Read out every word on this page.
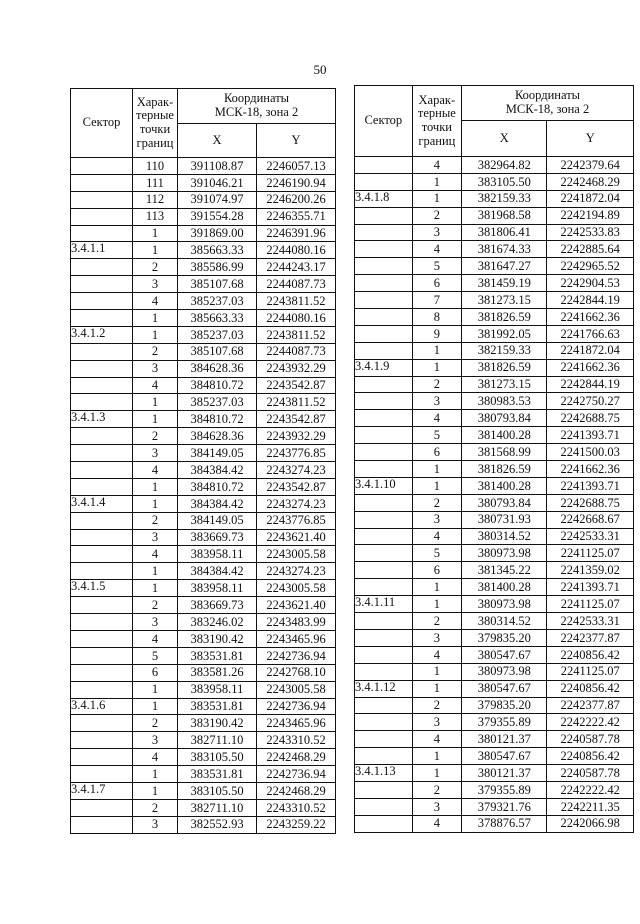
50
Сектор	Харак-
терные
точки
границ	Координаты
МСК-18, зона 2	
		X	Y
	110	391108.87	2246057.13
	111	391046.21	2246190.94
	112	391074.97	2246200.26
	113	391554.28	2246355.71
	1	391869.00	2246391.96
3.4.1.1	1	385663.33	2244080.16
	2	385586.99	2244243.17
	3	385107.68	2244087.73
	4	385237.03	2243811.52
	1	385663.33	2244080.16
3.4.1.2	1	385237.03	2243811.52
	2	385107.68	2244087.73
	3	384628.36	2243932.29
	4	384810.72	2243542.87
	1	385237.03	2243811.52
3.4.1.3	1	384810.72	2243542.87
	2	384628.36	2243932.29
	3	384149.05	2243776.85
	4	384384.42	2243274.23
	1	384810.72	2243542.87
3.4.1.4	1	384384.42	2243274.23
	2	384149.05	2243776.85
	3	383669.73	2243621.40
	4	383958.11	2243005.58
	1	384384.42	2243274.23
3.4.1.5	1	383958.11	2243005.58
	2	383669.73	2243621.40
	3	383246.02	2243483.99
	4	383190.42	2243465.96
	5	383531.81	2242736.94
	6	383581.26	2242768.10
	1	383958.11	2243005.58
3.4.1.6	1	383531.81	2242736.94
	2	383190.42	2243465.96
	3	382711.10	2243310.52
	4	383105.50	2242468.29
	1	383531.81	2242736.94
3.4.1.7	1	383105.50	2242468.29
	2	382711.10	2243310.52
	3	382552.93	2243259.22
Сектор	Харак-
терные
точки
границ	Координаты
МСК-18, зона 2	
		X	Y
	4	382964.82	2242379.64
	1	383105.50	2242468.29
3.4.1.8	1	382159.33	2241872.04
	2	381968.58	2242194.89
	3	381806.41	2242533.83
	4	381674.33	2242885.64
	5	381647.27	2242965.52
	6	381459.19	2242904.53
	7	381273.15	2242844.19
	8	381826.59	2241662.36
	9	381992.05	2241766.63
	1	382159.33	2241872.04
3.4.1.9	1	381826.59	2241662.36
	2	381273.15	2242844.19
	3	380983.53	2242750.27
	4	380793.84	2242688.75
	5	381400.28	2241393.71
	6	381568.99	2241500.03
	1	381826.59	2241662.36
3.4.1.10	1	381400.28	2241393.71
	2	380793.84	2242688.75
	3	380731.93	2242668.67
	4	380314.52	2242533.31
	5	380973.98	2241125.07
	6	381345.22	2241359.02
	1	381400.28	2241393.71
3.4.1.11	1	380973.98	2241125.07
	2	380314.52	2242533.31
	3	379835.20	2242377.87
	4	380547.67	2240856.42
	1	380973.98	2241125.07
3.4.1.12	1	380547.67	2240856.42
	2	379835.20	2242377.87
	3	379355.89	2242222.42
	4	380121.37	2240587.78
	1	380547.67	2240856.42
3.4.1.13	1	380121.37	2240587.78
	2	379355.89	2242222.42
	3	379321.76	2242211.35
	4	378876.57	2242066.98
